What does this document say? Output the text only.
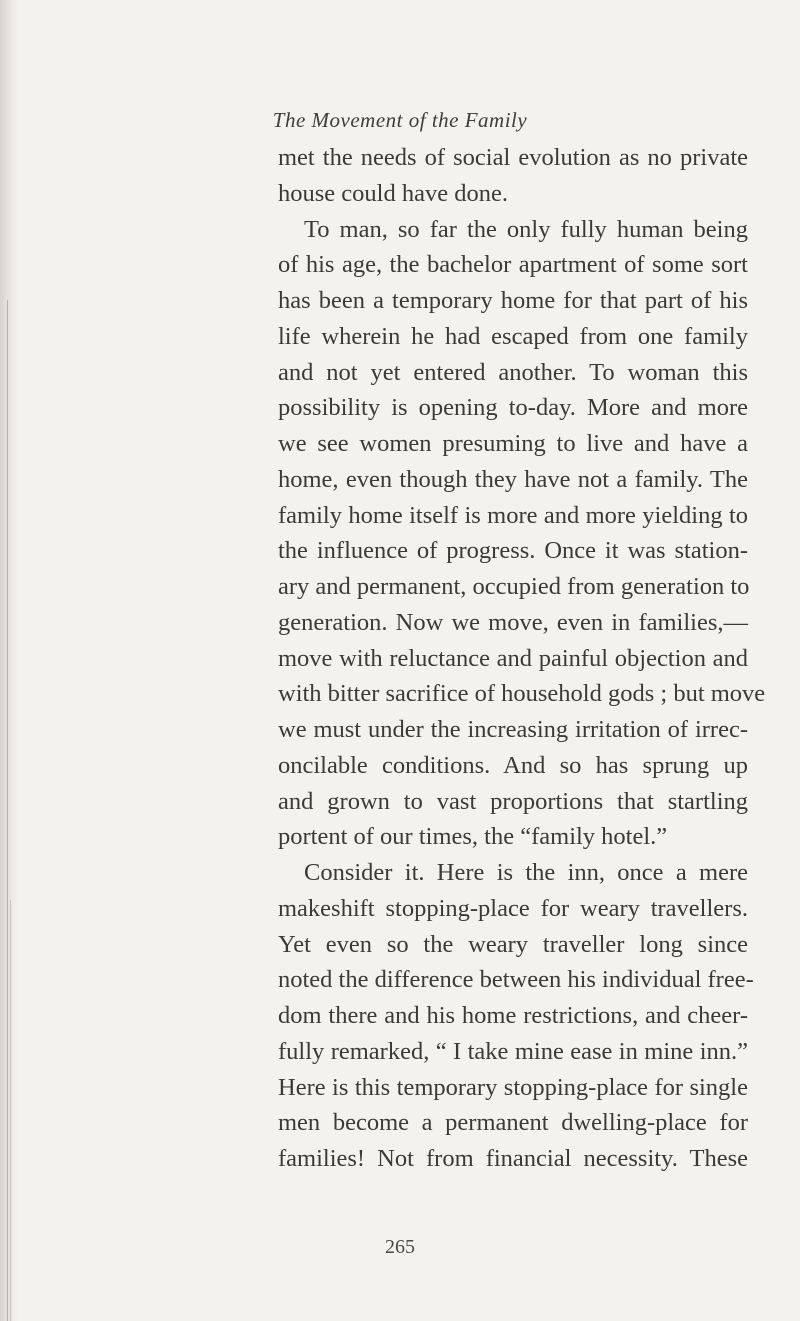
The Movement of the Family
met the needs of social evolution as no private
house could have done.
To man, so far the only fully human being
of his age, the bachelor apartment of some sort
has been a temporary home for that part of his
life wherein he had escaped from one family
and not yet entered another. To woman this
possibility is opening to-day. More and more
we see women presuming to live and have a
home, even though they have not a family. The
family home itself is more and more yielding to
the influence of progress. Once it was station-
ary and permanent, occupied from generation to
generation. Now we move, even in families,—
move with reluctance and painful objection and
with bitter sacrifice of household gods ; but move
we must under the increasing irritation of irrec-
oncilable conditions. And so has sprung up
and grown to vast proportions that startling
portent of our times, the “family hotel.”
Consider it. Here is the inn, once a mere
makeshift stopping-place for weary travellers.
Yet even so the weary traveller long since
noted the difference between his individual free-
dom there and his home restrictions, and cheer-
fully remarked, “ I take mine ease in mine inn.”
Here is this temporary stopping-place for single
men become a permanent dwelling-place for
families! Not from financial necessity. These
265
